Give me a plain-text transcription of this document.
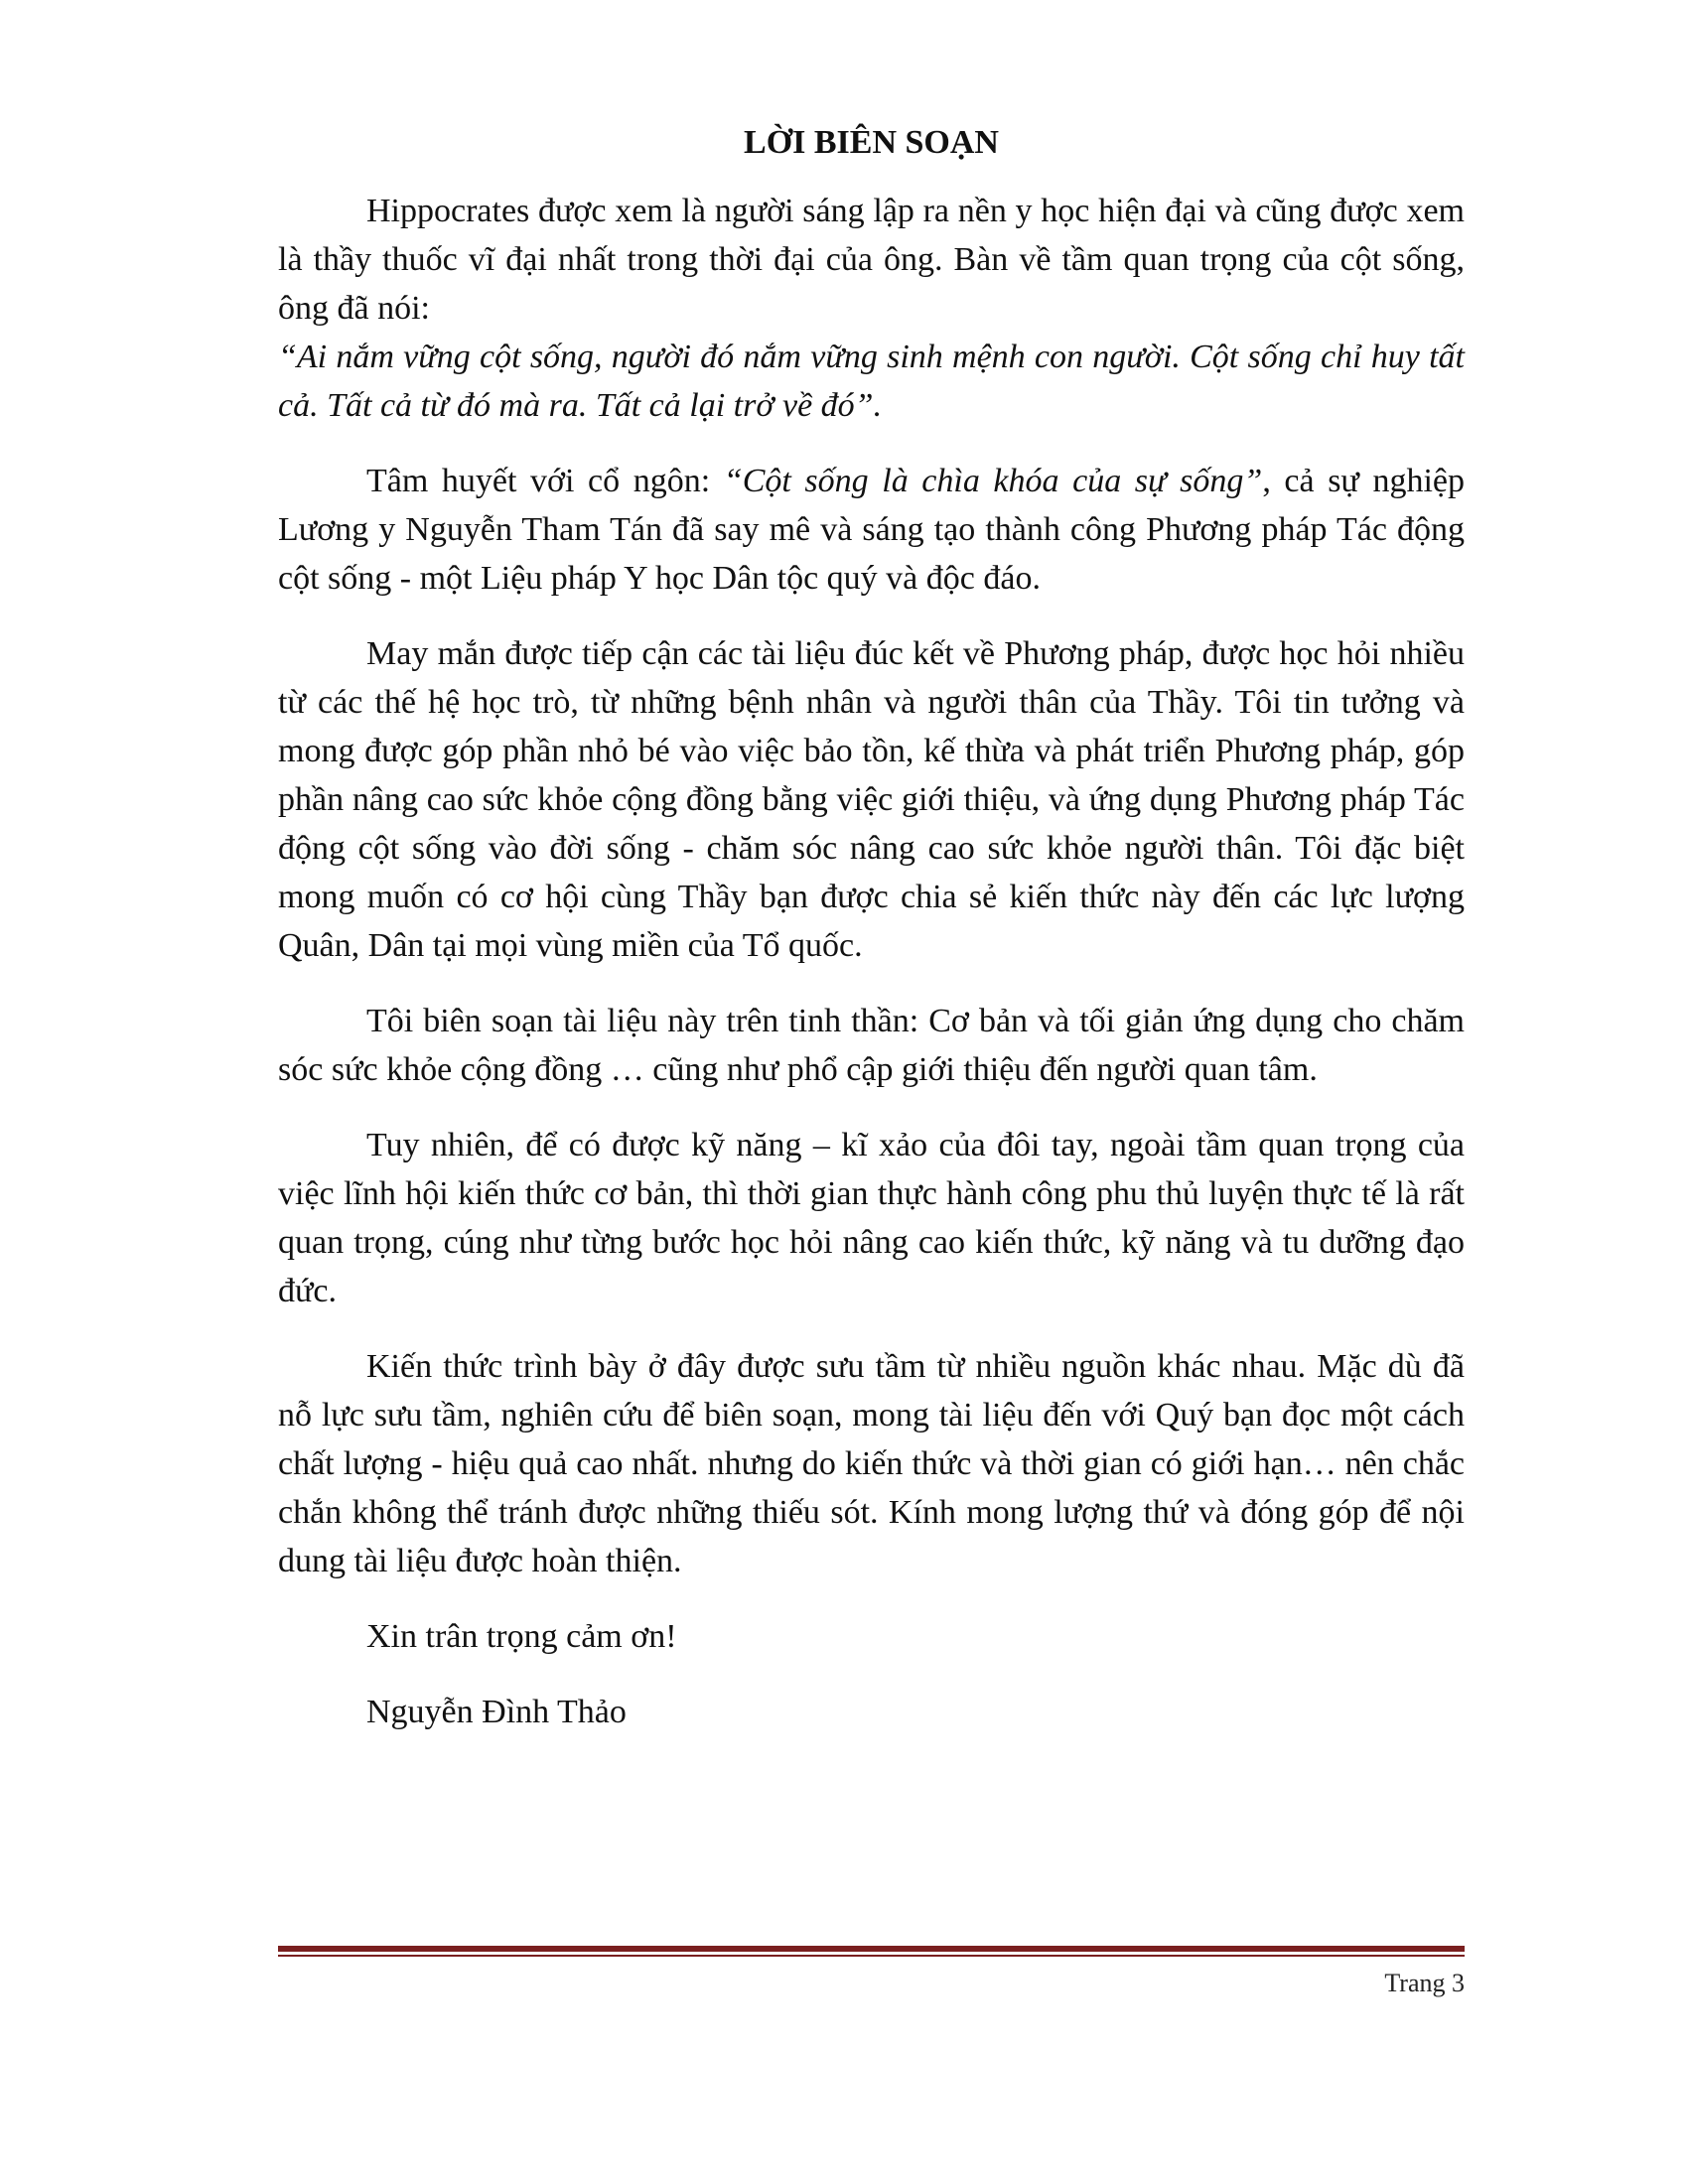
LỜI BIÊN SOẠN

Hippocrates được xem là người sáng lập ra nền y học hiện đại và cũng được xem là thầy thuốc vĩ đại nhất trong thời đại của ông. Bàn về tầm quan trọng của cột sống, ông đã nói:

“Ai nắm vững cột sống, người đó nắm vững sinh mệnh con người. Cột sống chỉ huy tất cả. Tất cả từ đó mà ra. Tất cả lại trở về đó”.

Tâm huyết với cổ ngôn: “Cột sống là chìa khóa của sự sống”, cả sự nghiệp Lương y Nguyễn Tham Tán đã say mê và sáng tạo thành công Phương pháp Tác động cột sống - một Liệu pháp Y học Dân tộc quý và độc đáo.

May mắn được tiếp cận các tài liệu đúc kết về Phương pháp, được học hỏi nhiều từ các thế hệ học trò, từ những bệnh nhân và người thân của Thầy. Tôi tin tưởng và mong được góp phần nhỏ bé vào việc bảo tồn, kế thừa và phát triển Phương pháp, góp phần nâng cao sức khỏe cộng đồng bằng việc giới thiệu, và ứng dụng Phương pháp Tác động cột sống vào đời sống - chăm sóc nâng cao sức khỏe người thân. Tôi đặc biệt mong muốn có cơ hội cùng Thầy bạn được chia sẻ kiến thức này đến các lực lượng Quân, Dân tại mọi vùng miền của Tổ quốc.

Tôi biên soạn tài liệu này trên tinh thần: Cơ bản và tối giản ứng dụng cho chăm sóc sức khỏe cộng đồng … cũng như phổ cập giới thiệu đến người quan tâm.

Tuy nhiên, để có được kỹ năng – kĩ xảo của đôi tay, ngoài tầm quan trọng của việc lĩnh hội kiến thức cơ bản, thì thời gian thực hành công phu thủ luyện thực tế là rất quan trọng, cúng như từng bước học hỏi nâng cao kiến thức, kỹ năng và tu dưỡng đạo đức.

Kiến thức trình bày ở đây được sưu tầm từ nhiều nguồn khác nhau. Mặc dù đã nỗ lực sưu tầm, nghiên cứu để biên soạn, mong tài liệu đến với Quý bạn đọc một cách chất lượng - hiệu quả cao nhất. nhưng do kiến thức và thời gian có giới hạn… nên chắc chắn không thể tránh được những thiếu sót. Kính mong lượng thứ và đóng góp để nội dung tài liệu được hoàn thiện.

Xin trân trọng cảm ơn!

Nguyễn Đình Thảo

Trang 3
